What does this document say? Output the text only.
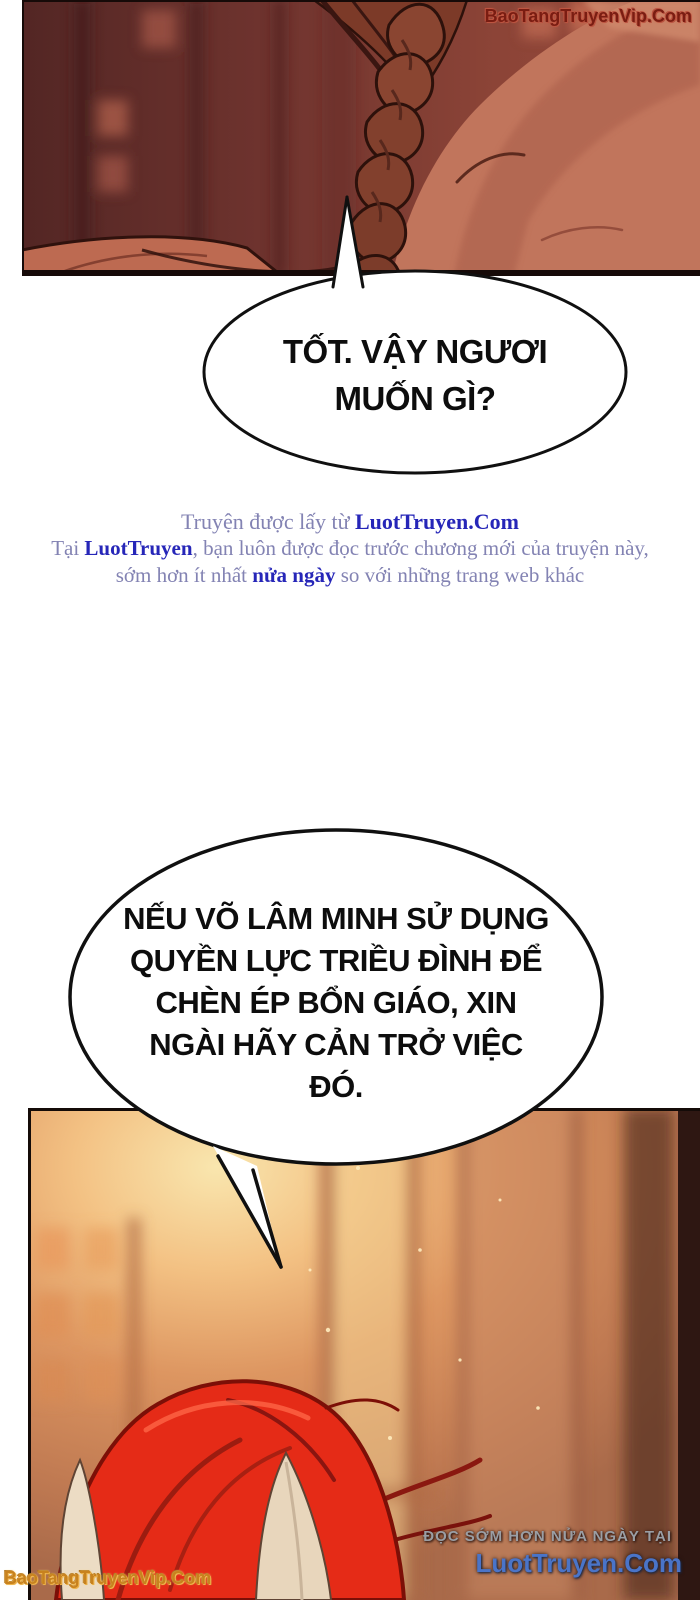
BaoTangTruyenVip.Com
TỐT. VẬY NGƯƠI
MUỐN GÌ?
Truyện được lấy từ LuotTruyen.Com
Tại LuotTruyen, bạn luôn được đọc trước chương mới của truyện này,
sớm hơn ít nhất nửa ngày so với những trang web khác
NẾU VÕ LÂM MINH SỬ DỤNG
QUYỀN LỰC TRIỀU ĐÌNH ĐỂ
CHÈN ÉP BỔN GIÁO, XIN
NGÀI HÃY CẢN TRỞ VIỆC
ĐÓ.
BaoTangTruyenVip.Com
ĐỌC SỚM HƠN NỬA NGÀY TẠI
LuotTruyen.Com
